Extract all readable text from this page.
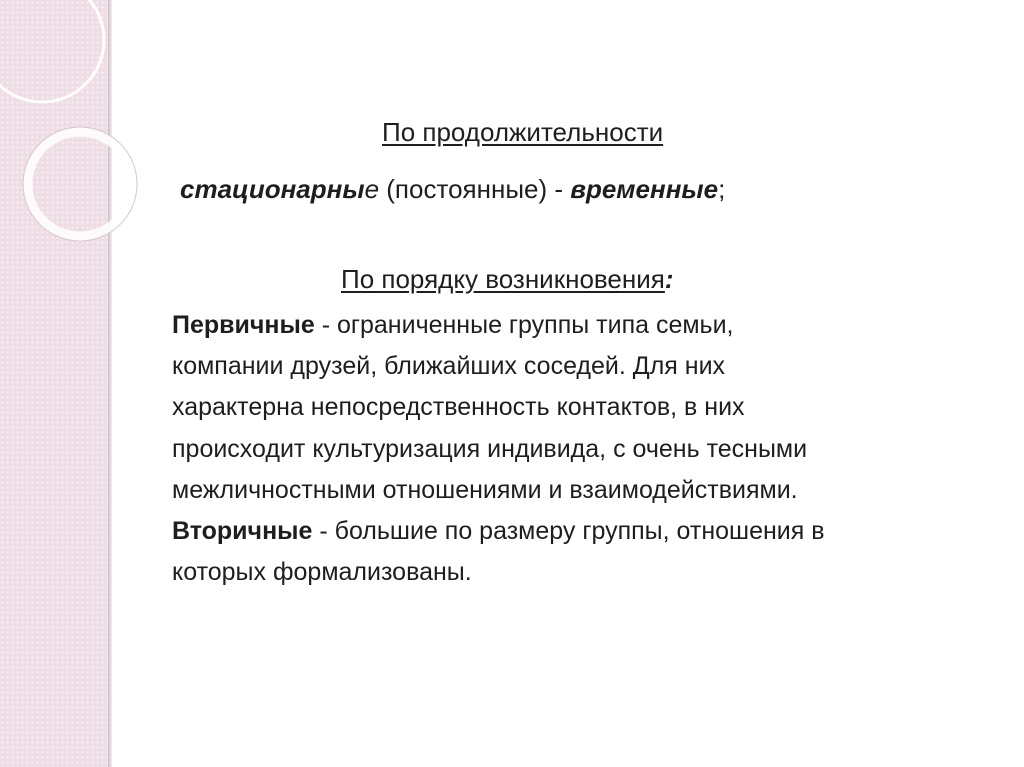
По продолжительности
стационарные (постоянные) - временные;
По порядку возникновения:
Первичные - ограниченные группы типа семьи,
компании друзей, ближайших соседей. Для них
характерна непосредственность контактов, в них
происходит культуризация индивида, с очень тесными
межличностными отношениями и взаимодействиями.
Вторичные - большие по размеру группы, отношения в
которых формализованы.
